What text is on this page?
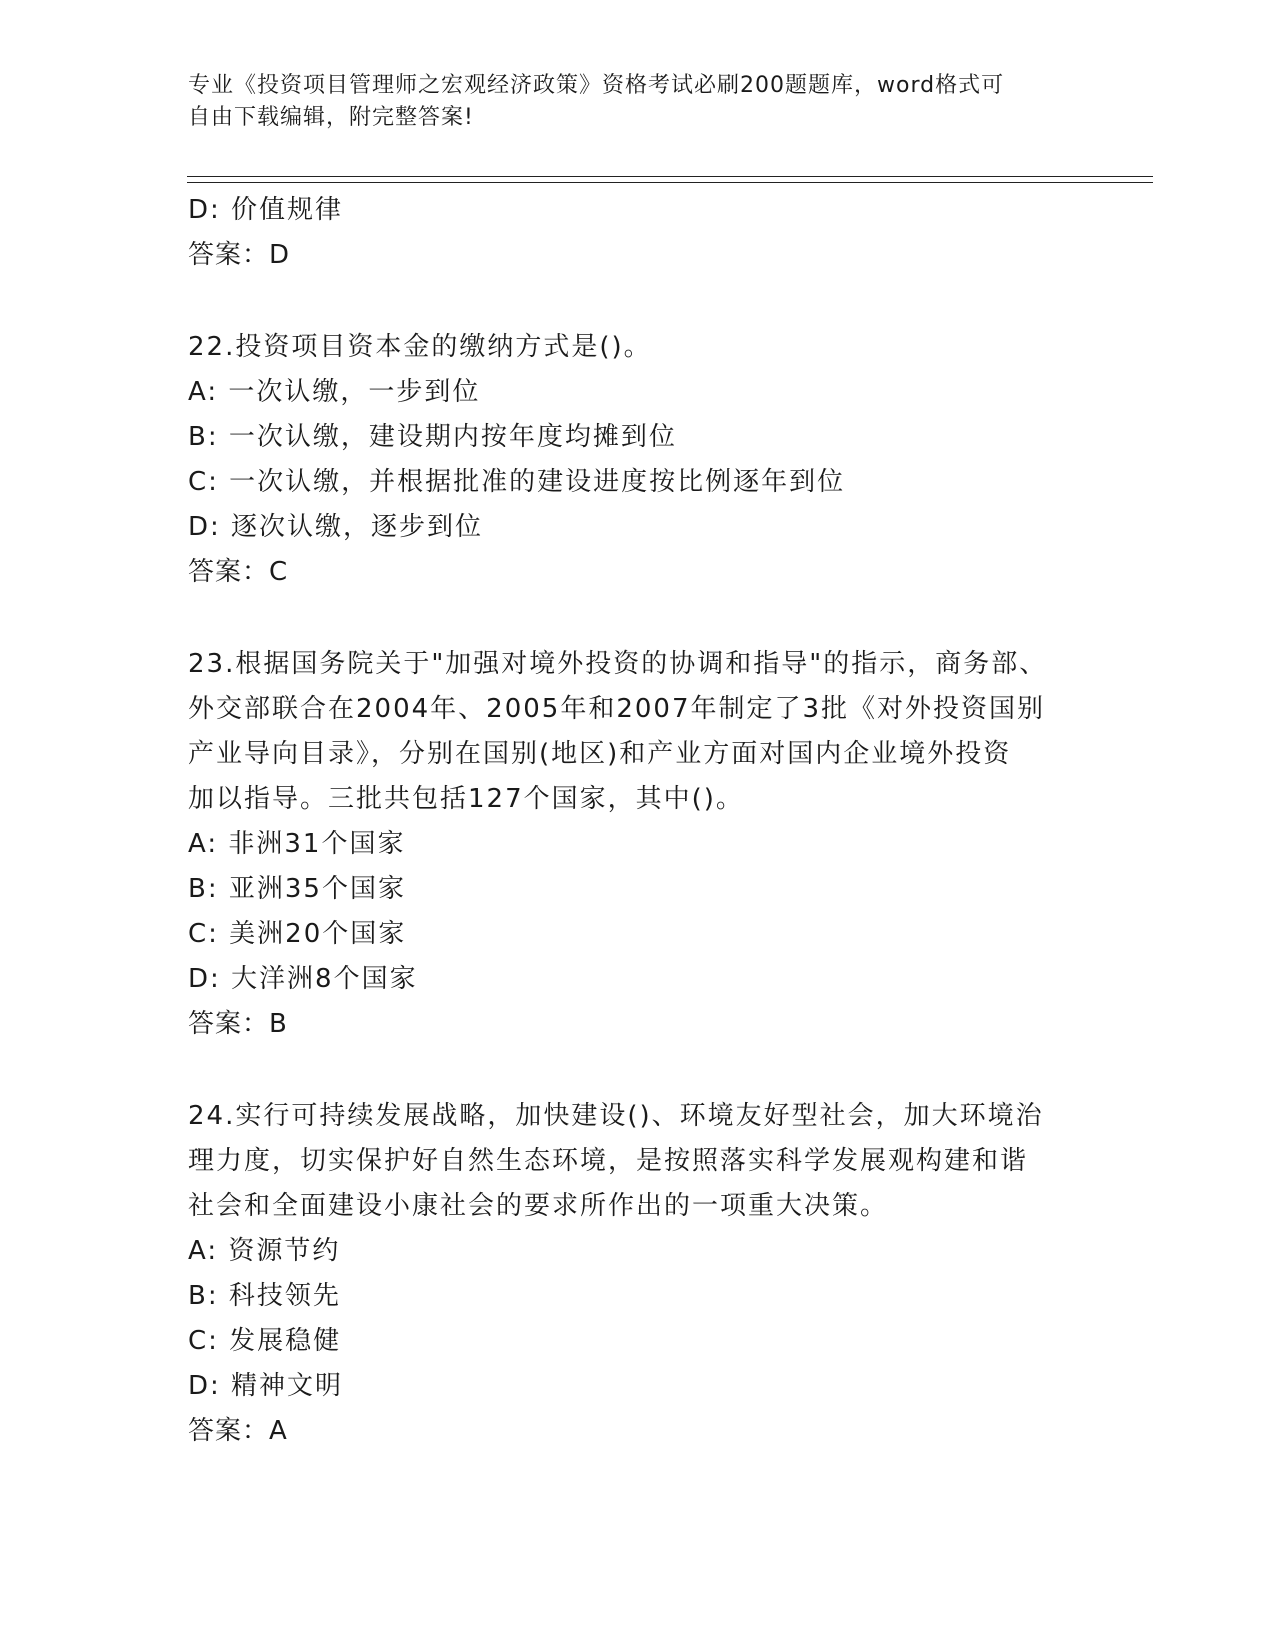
专业《投资项目管理师之宏观经济政策》资格考试必刷200题题库，word格式可
自由下载编辑，附完整答案!
D: 价值规律
答案：D
22.投资项目资本金的缴纳方式是()。
A: 一次认缴，一步到位
B: 一次认缴，建设期内按年度均摊到位
C: 一次认缴，并根据批准的建设进度按比例逐年到位
D: 逐次认缴，逐步到位
答案：C
23.根据国务院关于"加强对境外投资的协调和指导"的指示，商务部、
外交部联合在2004年、2005年和2007年制定了3批《对外投资国别
产业导向目录》，分别在国别(地区)和产业方面对国内企业境外投资
加以指导。三批共包括127个国家，其中()。
A: 非洲31个国家
B: 亚洲35个国家
C: 美洲20个国家
D: 大洋洲8个国家
答案：B
24.实行可持续发展战略，加快建设()、环境友好型社会，加大环境治
理力度，切实保护好自然生态环境，是按照落实科学发展观构建和谐
社会和全面建设小康社会的要求所作出的一项重大决策。
A: 资源节约
B: 科技领先
C: 发展稳健
D: 精神文明
答案：A
